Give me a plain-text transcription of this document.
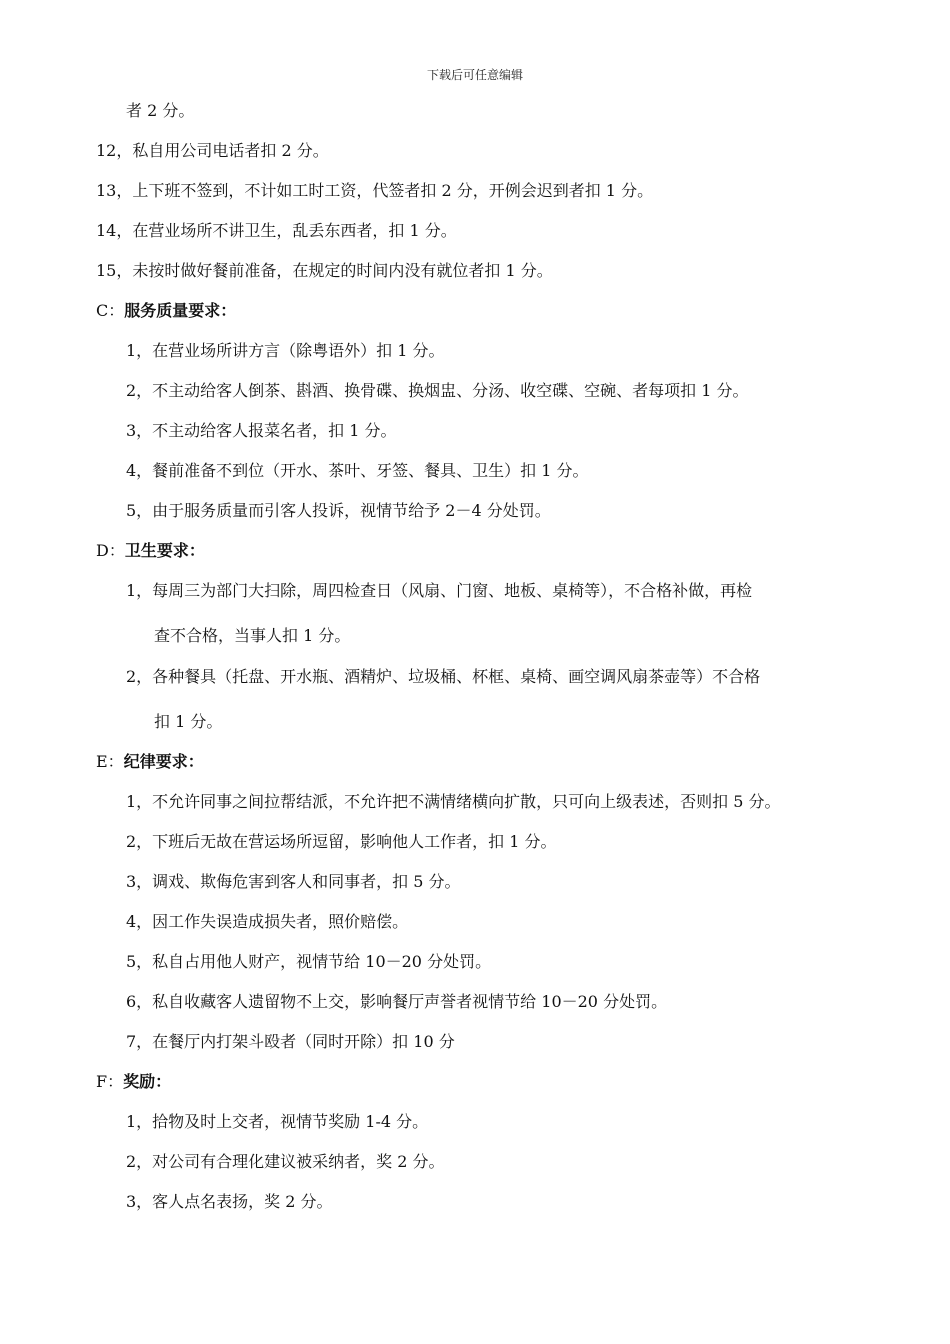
下载后可任意编辑
者 2 分。
12，私自用公司电话者扣 2 分。
13，上下班不签到，不计如工时工资，代签者扣 2 分，开例会迟到者扣 1 分。
14，在营业场所不讲卫生，乱丢东西者，扣 1 分。
15，未按时做好餐前准备，在规定的时间内没有就位者扣 1 分。
C：服务质量要求：
1，在营业场所讲方言（除粤语外）扣 1 分。
2，不主动给客人倒茶、斟酒、换骨碟、换烟盅、分汤、收空碟、空碗、者每项扣 1 分。
3，不主动给客人报菜名者，扣 1 分。
4，餐前准备不到位（开水、茶叶、牙签、餐具、卫生）扣 1 分。
5，由于服务质量而引客人投诉，视情节给予 2－4 分处罚。
D：卫生要求：
1，每周三为部门大扫除，周四检查日（风扇、门窗、地板、桌椅等），不合格补做，再检
查不合格，当事人扣 1 分。
2，各种餐具（托盘、开水瓶、酒精炉、垃圾桶、杯框、桌椅、画空调风扇茶壶等）不合格
扣 1 分。
E：纪律要求：
1，不允许同事之间拉帮结派，不允许把不满情绪横向扩散，只可向上级表述，否则扣 5 分。
2，下班后无故在营运场所逗留，影响他人工作者，扣 1 分。
3，调戏、欺侮危害到客人和同事者，扣 5 分。
4，因工作失误造成损失者，照价赔偿。
5，私自占用他人财产，视情节给 10－20 分处罚。
6，私自收藏客人遗留物不上交，影响餐厅声誉者视情节给 10－20 分处罚。
7，在餐厅内打架斗殴者（同时开除）扣 10 分
F：奖励：
1，拾物及时上交者，视情节奖励 1-4 分。
2，对公司有合理化建议被采纳者，奖 2 分。
3，客人点名表扬，奖 2 分。
